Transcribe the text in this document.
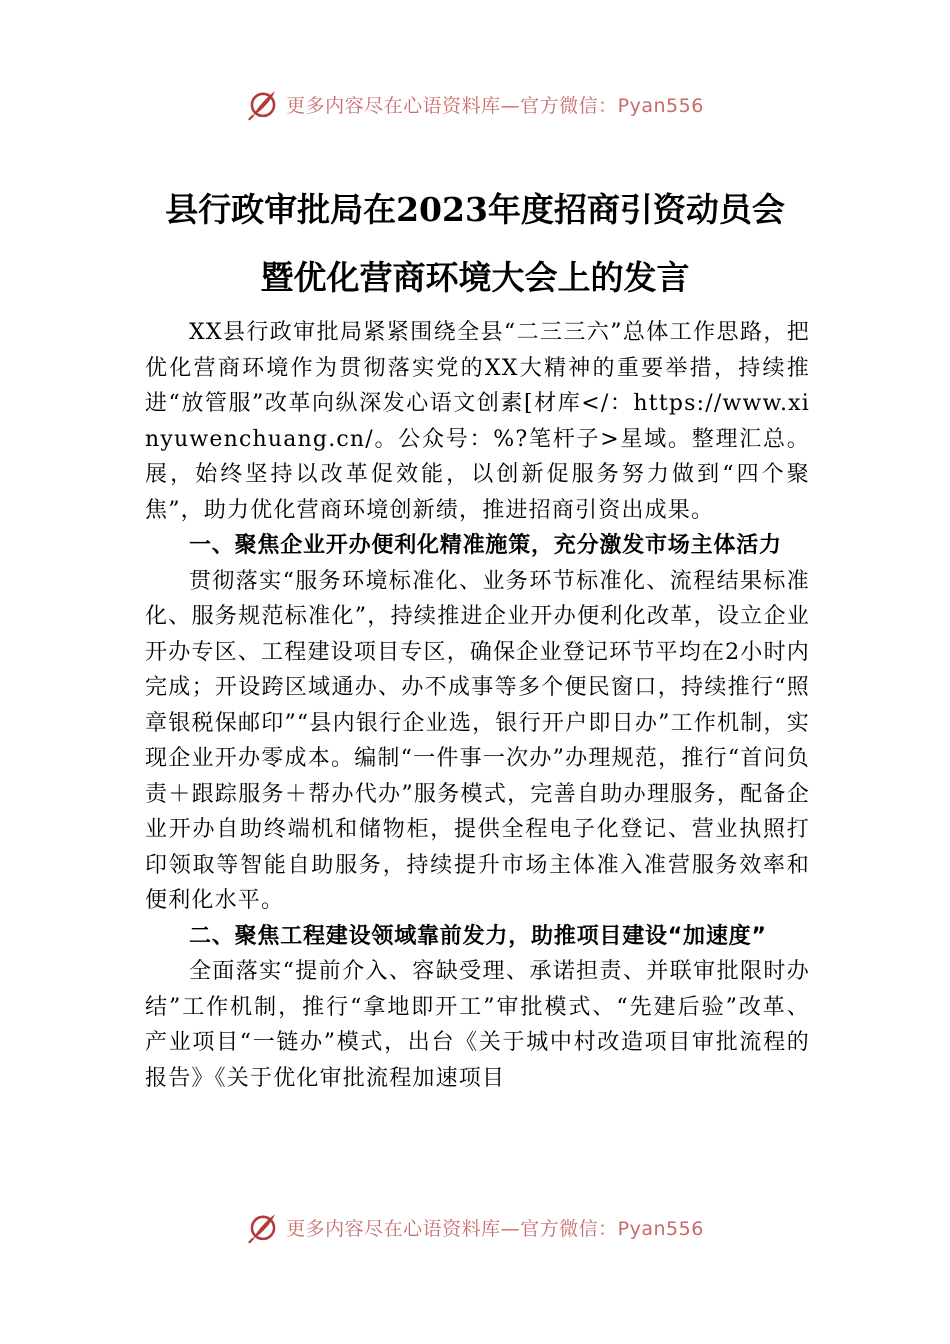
更多内容尽在心语资料库—官方微信：Pyan556
县行政审批局在2023年度招商引资动员会
暨优化营商环境大会上的发言

XX县行政审批局紧紧围绕全县“二三三六”总体工作思路，把优化营商环境作为贯彻落实党的XX大精神的重要举措，持续推进“放管服”改革向纵深发心语文创素[材库</：https://www.xinyuwenchuang.cn/。公众号：%?笔杆子>星域。整理汇总。展，始终坚持以改革促效能，以创新促服务努力做到“四个聚焦”，助力优化营商环境创新绩，推进招商引资出成果。

一、聚焦企业开办便利化精准施策，充分激发市场主体活力

贯彻落实“服务环境标准化、业务环节标准化、流程结果标准化、服务规范标准化”，持续推进企业开办便利化改革，设立企业开办专区、工程建设项目专区，确保企业登记环节平均在2小时内完成；开设跨区域通办、办不成事等多个便民窗口，持续推行“照章银税保邮印”“县内银行企业选，银行开户即日办”工作机制，实现企业开办零成本。编制“一件事一次办”办理规范，推行“首问负责＋跟踪服务＋帮办代办”服务模式，完善自助办理服务，配备企业开办自助终端机和储物柜，提供全程电子化登记、营业执照打印领取等智能自助服务，持续提升市场主体准入准营服务效率和便利化水平。

二、聚焦工程建设领域靠前发力，助推项目建设“加速度”

全面落实“提前介入、容缺受理、承诺担责、并联审批限时办结”工作机制，推行“拿地即开工”审批模式、“先建后验”改革、产业项目“一链办”模式，出台《关于城中村改造项目审批流程的报告》《关于优化审批流程加速项目

更多内容尽在心语资料库—官方微信：Pyan556
